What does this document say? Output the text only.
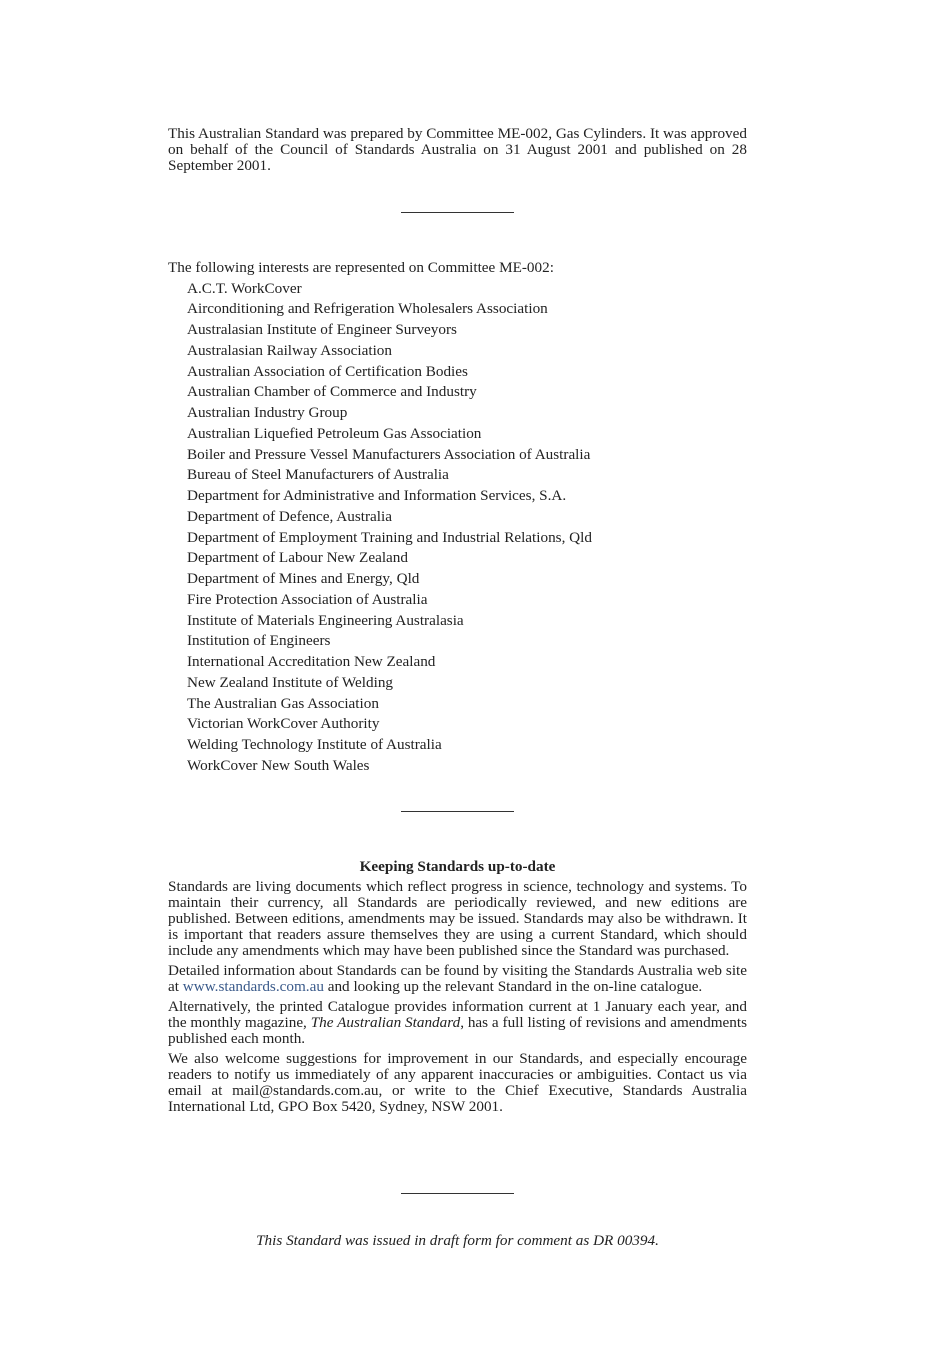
This Australian Standard was prepared by Committee ME-002, Gas Cylinders. It was approved on behalf of the Council of Standards Australia on 31 August 2001 and published on 28 September 2001.
The following interests are represented on Committee ME-002:
A.C.T. WorkCover
Airconditioning and Refrigeration Wholesalers Association
Australasian Institute of Engineer Surveyors
Australasian Railway Association
Australian Association of Certification Bodies
Australian Chamber of Commerce and Industry
Australian Industry Group
Australian Liquefied Petroleum Gas Association
Boiler and Pressure Vessel Manufacturers Association of Australia
Bureau of Steel Manufacturers of Australia
Department for Administrative and Information Services, S.A.
Department of Defence, Australia
Department of Employment Training and Industrial Relations, Qld
Department of Labour New Zealand
Department of Mines and Energy, Qld
Fire Protection Association of Australia
Institute of Materials Engineering Australasia
Institution of Engineers
International Accreditation New Zealand
New Zealand Institute of Welding
The Australian Gas Association
Victorian WorkCover Authority
Welding Technology Institute of Australia
WorkCover New South Wales
Keeping Standards up-to-date

Standards are living documents which reflect progress in science, technology and systems. To maintain their currency, all Standards are periodically reviewed, and new editions are published. Between editions, amendments may be issued. Standards may also be withdrawn. It is important that readers assure themselves they are using a current Standard, which should include any amendments which may have been published since the Standard was purchased.

Detailed information about Standards can be found by visiting the Standards Australia web site at www.standards.com.au and looking up the relevant Standard in the on-line catalogue.

Alternatively, the printed Catalogue provides information current at 1 January each year, and the monthly magazine, The Australian Standard, has a full listing of revisions and amendments published each month.

We also welcome suggestions for improvement in our Standards, and especially encourage readers to notify us immediately of any apparent inaccuracies or ambiguities. Contact us via email at mail@standards.com.au, or write to the Chief Executive, Standards Australia International Ltd, GPO Box 5420, Sydney, NSW 2001.

This Standard was issued in draft form for comment as DR 00394.
